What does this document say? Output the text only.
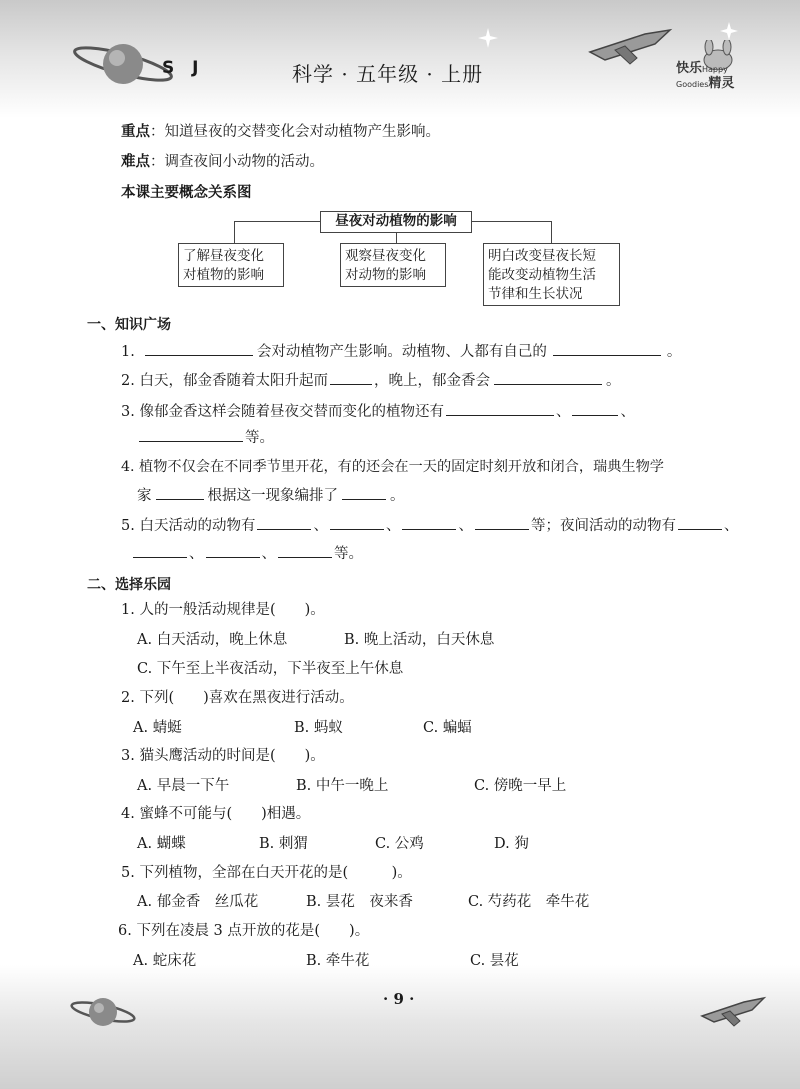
S J	科学 · 五年级 · 上册	快乐Happy
Goodies精灵
重点：知道昼夜的交替变化会对动植物产生影响。
难点：调查夜间小动物的活动。
本课主要概念关系图
昼夜对动植物的影响
了解昼夜变化
对植物的影响
观察昼夜变化
对动物的影响
明白改变昼夜长短
能改变动植物生活
节律和生长状况
一、知识广场
1.	会对动植物产生影响。动植物、人都有自己的	。
2. 白天，郁金香随着太阳升起而	，晚上，郁金香会	。
3. 像郁金香这样会随着昼夜交替而变化的植物还有	、	、
等。
4. 植物不仅会在不同季节里开花，有的还会在一天的固定时刻开放和闭合，瑞典生物学
家	根据这一现象编排了	。
5. 白天活动的动物有	、	、	、	等；夜间活动的动物有	、
、	、	等。
二、选择乐园
1. 人的一般活动规律是(　　)。
A. 白天活动，晚上休息	B. 晚上活动，白天休息
C. 下午至上半夜活动，下半夜至上午休息
2. 下列(　　)喜欢在黑夜进行活动。
A. 蜻蜓	B. 蚂蚁	C. 蝙蝠
3. 猫头鹰活动的时间是(　　)。
A. 早晨一下午	B. 中午一晚上	C. 傍晚一早上
4. 蜜蜂不可能与(　　)相遇。
A. 蝴蝶	B. 刺猬	C. 公鸡	D. 狗
5. 下列植物，全部在白天开花的是(　　　)。
A. 郁金香　丝瓜花	B. 昙花　夜来香	C. 芍药花　牵牛花
6. 下列在凌晨 3 点开放的花是(　　)。
A. 蛇床花	B. 牵牛花	C. 昙花
· 9 ·
